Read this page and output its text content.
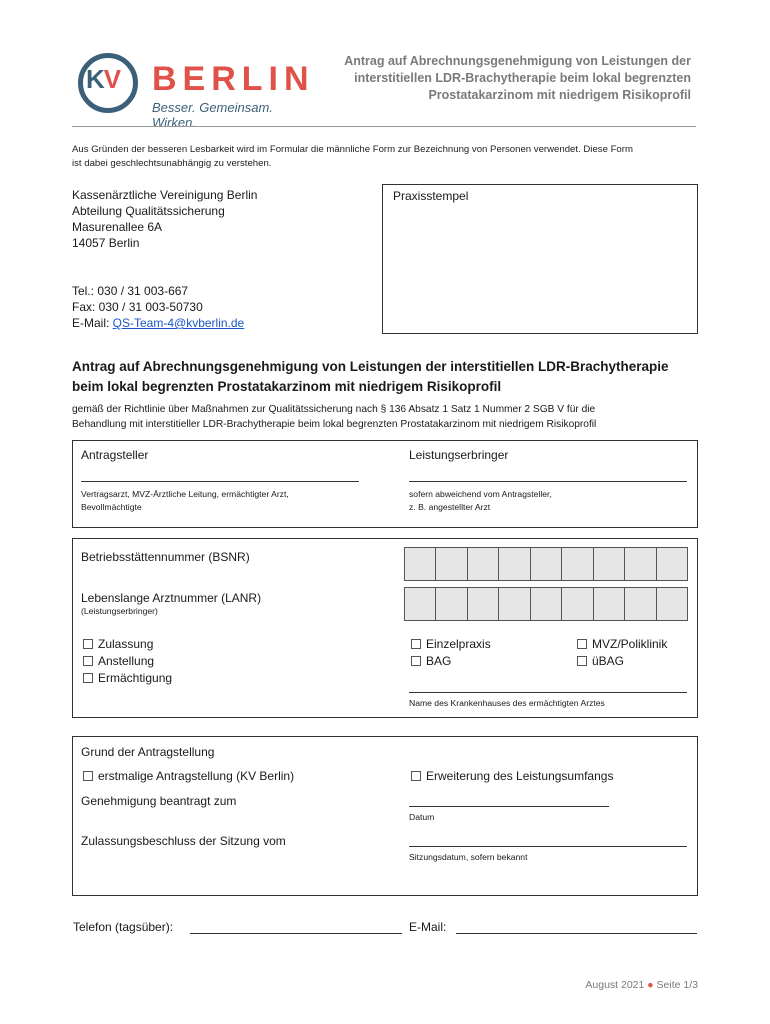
KV BERLIN
Besser. Gemeinsam. Wirken.
Antrag auf Abrechnungsgenehmigung von Leistungen der
interstitiellen LDR-Brachytherapie beim lokal begrenzten
Prostatakarzinom mit niedrigem Risikoprofil
Aus Gründen der besseren Lesbarkeit wird im Formular die männliche Form zur Bezeichnung von Personen verwendet. Diese Form
ist dabei geschlechtsunabhängig zu verstehen.
Kassenärztliche Vereinigung Berlin
Abteilung Qualitätssicherung
Masurenallee 6A
14057 Berlin
Tel.: 030 / 31 003-667
Fax: 030 / 31 003-50730
E-Mail: QS-Team-4@kvberlin.de
Praxisstempel
Antrag auf Abrechnungsgenehmigung von Leistungen der interstitiellen LDR-Brachytherapie
beim lokal begrenzten Prostatakarzinom mit niedrigem Risikoprofil
gemäß der Richtlinie über Maßnahmen zur Qualitätssicherung nach § 136 Absatz 1 Satz 1 Nummer 2 SGB V für die
Behandlung mit interstitieller LDR-Brachytherapie beim lokal begrenzten Prostatakarzinom mit niedrigem Risikoprofil
Antragsteller
Vertragsarzt, MVZ-Ärztliche Leitung, ermächtigter Arzt,
Bevollmächtigte
Leistungserbringer
sofern abweichend vom Antragsteller,
z. B. angestellter Arzt
Betriebsstättennummer (BSNR)
Lebenslange Arztnummer (LANR)
(Leistungserbringer)
Zulassung
Anstellung
Ermächtigung
Einzelpraxis
BAG
MVZ/Poliklinik
üBAG
Name des Krankenhauses des ermächtigten Arztes
Grund der Antragstellung
erstmalige Antragstellung (KV Berlin)	Erweiterung des Leistungsumfangs
Genehmigung beantragt zum
Datum
Zulassungsbeschluss der Sitzung vom
Sitzungsdatum, sofern bekannt
Telefon (tagsüber):	E-Mail:
August 2021 ● Seite 1/3
